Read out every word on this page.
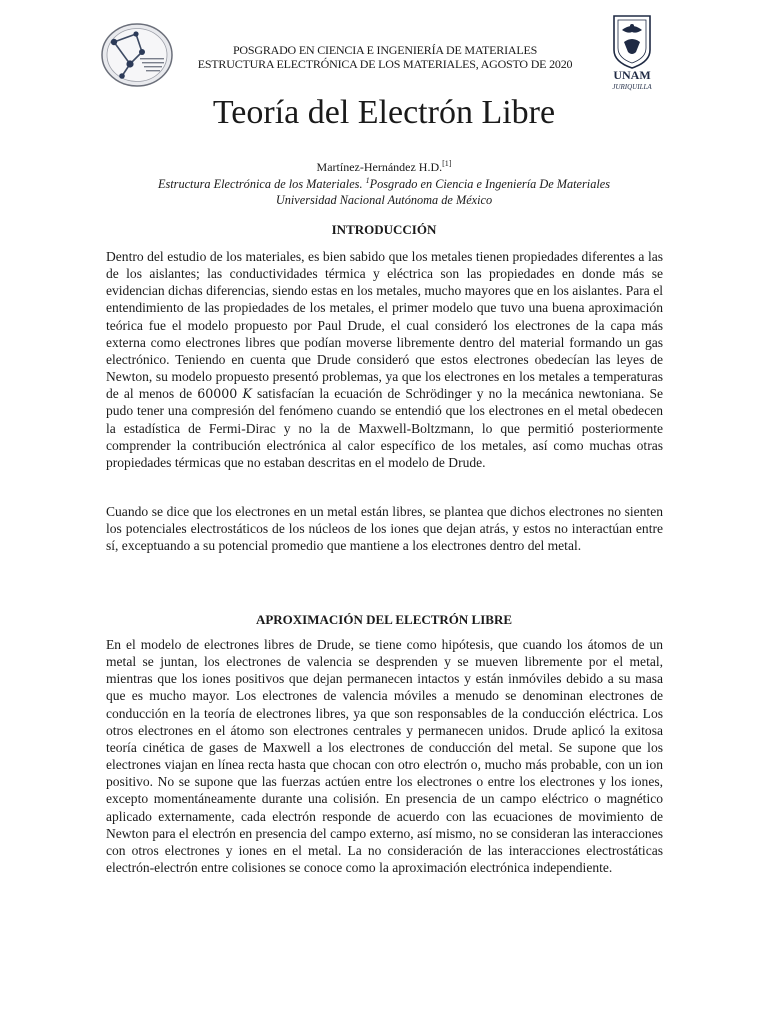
UNAM
JURIQUILLA
POSGRADO EN CIENCIA E INGENIERÍA DE MATERIALES
ESTRUCTURA ELECTRÓNICA DE LOS MATERIALES, AGOSTO DE 2020
Teoría del Electrón Libre
Martínez-Hernández H.D.[1]
Estructura Electrónica de los Materiales. $^1$Posgrado en Ciencia e Ingeniería De Materiales
Universidad Nacional Autónoma de México
INTRODUCCIÓN
Dentro del estudio de los materiales, es bien sabido que los metales tienen propiedades diferentes a las de los aislantes; las conductividades térmica y eléctrica son las propiedades en donde más se evidencian dichas diferencias, siendo estas en los metales, mucho mayores que en los aislantes. Para el entendimiento de las propiedades de los metales, el primer modelo que tuvo una buena aproximación teórica fue el modelo propuesto por Paul Drude, el cual consideró los electrones de la capa más externa como electrones libres que podían moverse libremente dentro del material formando un gas electrónico. Teniendo en cuenta que Drude consideró que estos electrones obedecían las leyes de Newton, su modelo propuesto presentó problemas, ya que los electrones en los metales a temperaturas de al menos de 60000 K satisfacían la ecuación de Schrödinger y no la mecánica newtoniana. Se pudo tener una compresión del fenómeno cuando se entendió que los electrones en el metal obedecen la estadística de Fermi-Dirac y no la de Maxwell-Boltzmann, lo que permitió posteriormente comprender la contribución electrónica al calor específico de los metales, así como muchas otras propiedades térmicas que no estaban descritas en el modelo de Drude.
Cuando se dice que los electrones en un metal están libres, se plantea que dichos electrones no sienten los potenciales electrostáticos de los núcleos de los iones que dejan atrás, y estos no interactúan entre sí, exceptuando a su potencial promedio que mantiene a los electrones dentro del metal.
APROXIMACIÓN DEL ELECTRÓN LIBRE
En el modelo de electrones libres de Drude, se tiene como hipótesis, que cuando los átomos de un metal se juntan, los electrones de valencia se desprenden y se mueven libremente por el metal, mientras que los iones positivos que dejan permanecen intactos y están inmóviles debido a su masa que es mucho mayor. Los electrones de valencia móviles a menudo se denominan electrones de conducción en la teoría de electrones libres, ya que son responsables de la conducción eléctrica. Los otros electrones en el átomo son electrones centrales y permanecen unidos. Drude aplicó la exitosa teoría cinética de gases de Maxwell a los electrones de conducción del metal. Se supone que los electrones viajan en línea recta hasta que chocan con otro electrón o, mucho más probable, con un ion positivo. No se supone que las fuerzas actúen entre los electrones o entre los electrones y los iones, excepto momentáneamente durante una colisión. En presencia de un campo eléctrico o magnético aplicado externamente, cada electrón responde de acuerdo con las ecuaciones de movimiento de Newton para el electrón en presencia del campo externo, así mismo, no se consideran las interacciones con otros electrones y iones en el metal. La no consideración de las interacciones electrostáticas electrón-electrón entre colisiones se conoce como la aproximación electrónica independiente.
